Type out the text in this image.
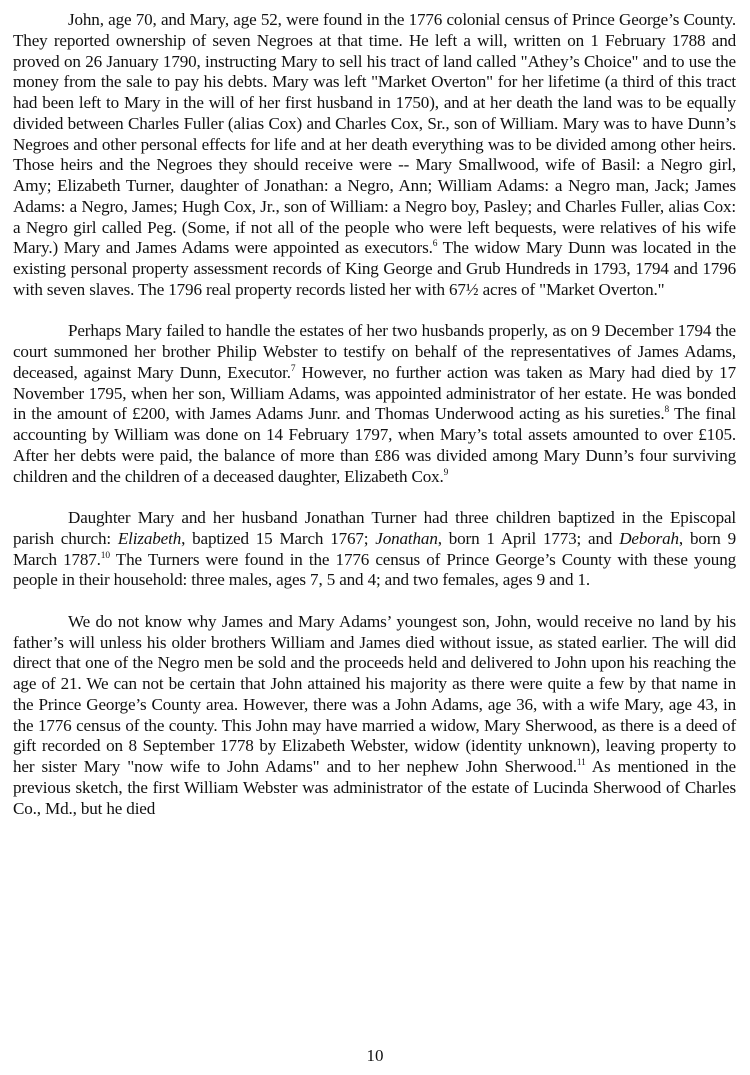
John, age 70, and Mary, age 52, were found in the 1776 colonial census of Prince George’s County. They reported ownership of seven Negroes at that time. He left a will, written on 1 February 1788 and proved on 26 January 1790, instructing Mary to sell his tract of land called "Athey’s Choice" and to use the money from the sale to pay his debts. Mary was left "Market Overton" for her lifetime (a third of this tract had been left to Mary in the will of her first husband in 1750), and at her death the land was to be equally divided between Charles Fuller (alias Cox) and Charles Cox, Sr., son of William. Mary was to have Dunn’s Negroes and other personal effects for life and at her death everything was to be divided among other heirs. Those heirs and the Negroes they should receive were -- Mary Smallwood, wife of Basil: a Negro girl, Amy; Elizabeth Turner, daughter of Jonathan: a Negro, Ann; William Adams: a Negro man, Jack; James Adams: a Negro, James; Hugh Cox, Jr., son of William: a Negro boy, Pasley; and Charles Fuller, alias Cox: a Negro girl called Peg. (Some, if not all of the people who were left bequests, were relatives of his wife Mary.) Mary and James Adams were appointed as executors.$^6$ The widow Mary Dunn was located in the existing personal property assessment records of King George and Grub Hundreds in 1793, 1794 and 1796 with seven slaves. The 1796 real property records listed her with 67½ acres of "Market Overton."

Perhaps Mary failed to handle the estates of her two husbands properly, as on 9 December 1794 the court summoned her brother Philip Webster to testify on behalf of the representatives of James Adams, deceased, against Mary Dunn, Executor.$^7$ However, no further action was taken as Mary had died by 17 November 1795, when her son, William Adams, was appointed administrator of her estate. He was bonded in the amount of £200, with James Adams Junr. and Thomas Underwood acting as his sureties.$^8$ The final accounting by William was done on 14 February 1797, when Mary’s total assets amounted to over £105. After her debts were paid, the balance of more than £86 was divided among Mary Dunn’s four surviving children and the children of a deceased daughter, Elizabeth Cox.$^9$

Daughter Mary and her husband Jonathan Turner had three children baptized in the Episcopal parish church: Elizabeth, baptized 15 March 1767; Jonathan, born 1 April 1773; and Deborah, born 9 March 1787.10 The Turners were found in the 1776 census of Prince George’s County with these young people in their household: three males, ages 7, 5 and 4; and two females, ages 9 and 1.

We do not know why James and Mary Adams’ youngest son, John, would receive no land by his father’s will unless his older brothers William and James died without issue, as stated earlier. The will did direct that one of the Negro men be sold and the proceeds held and delivered to John upon his reaching the age of 21. We can not be certain that John attained his majority as there were quite a few by that name in the Prince George’s County area. However, there was a John Adams, age 36, with a wife Mary, age 43, in the 1776 census of the county. This John may have married a widow, Mary Sherwood, as there is a deed of gift recorded on 8 September 1778 by Elizabeth Webster, widow (identity unknown), leaving property to her sister Mary "now wife to John Adams" and to her nephew John Sherwood.$^{11}$ As mentioned in the previous sketch, the first William Webster was administrator of the estate of Lucinda Sherwood of Charles Co., Md., but he died

10
